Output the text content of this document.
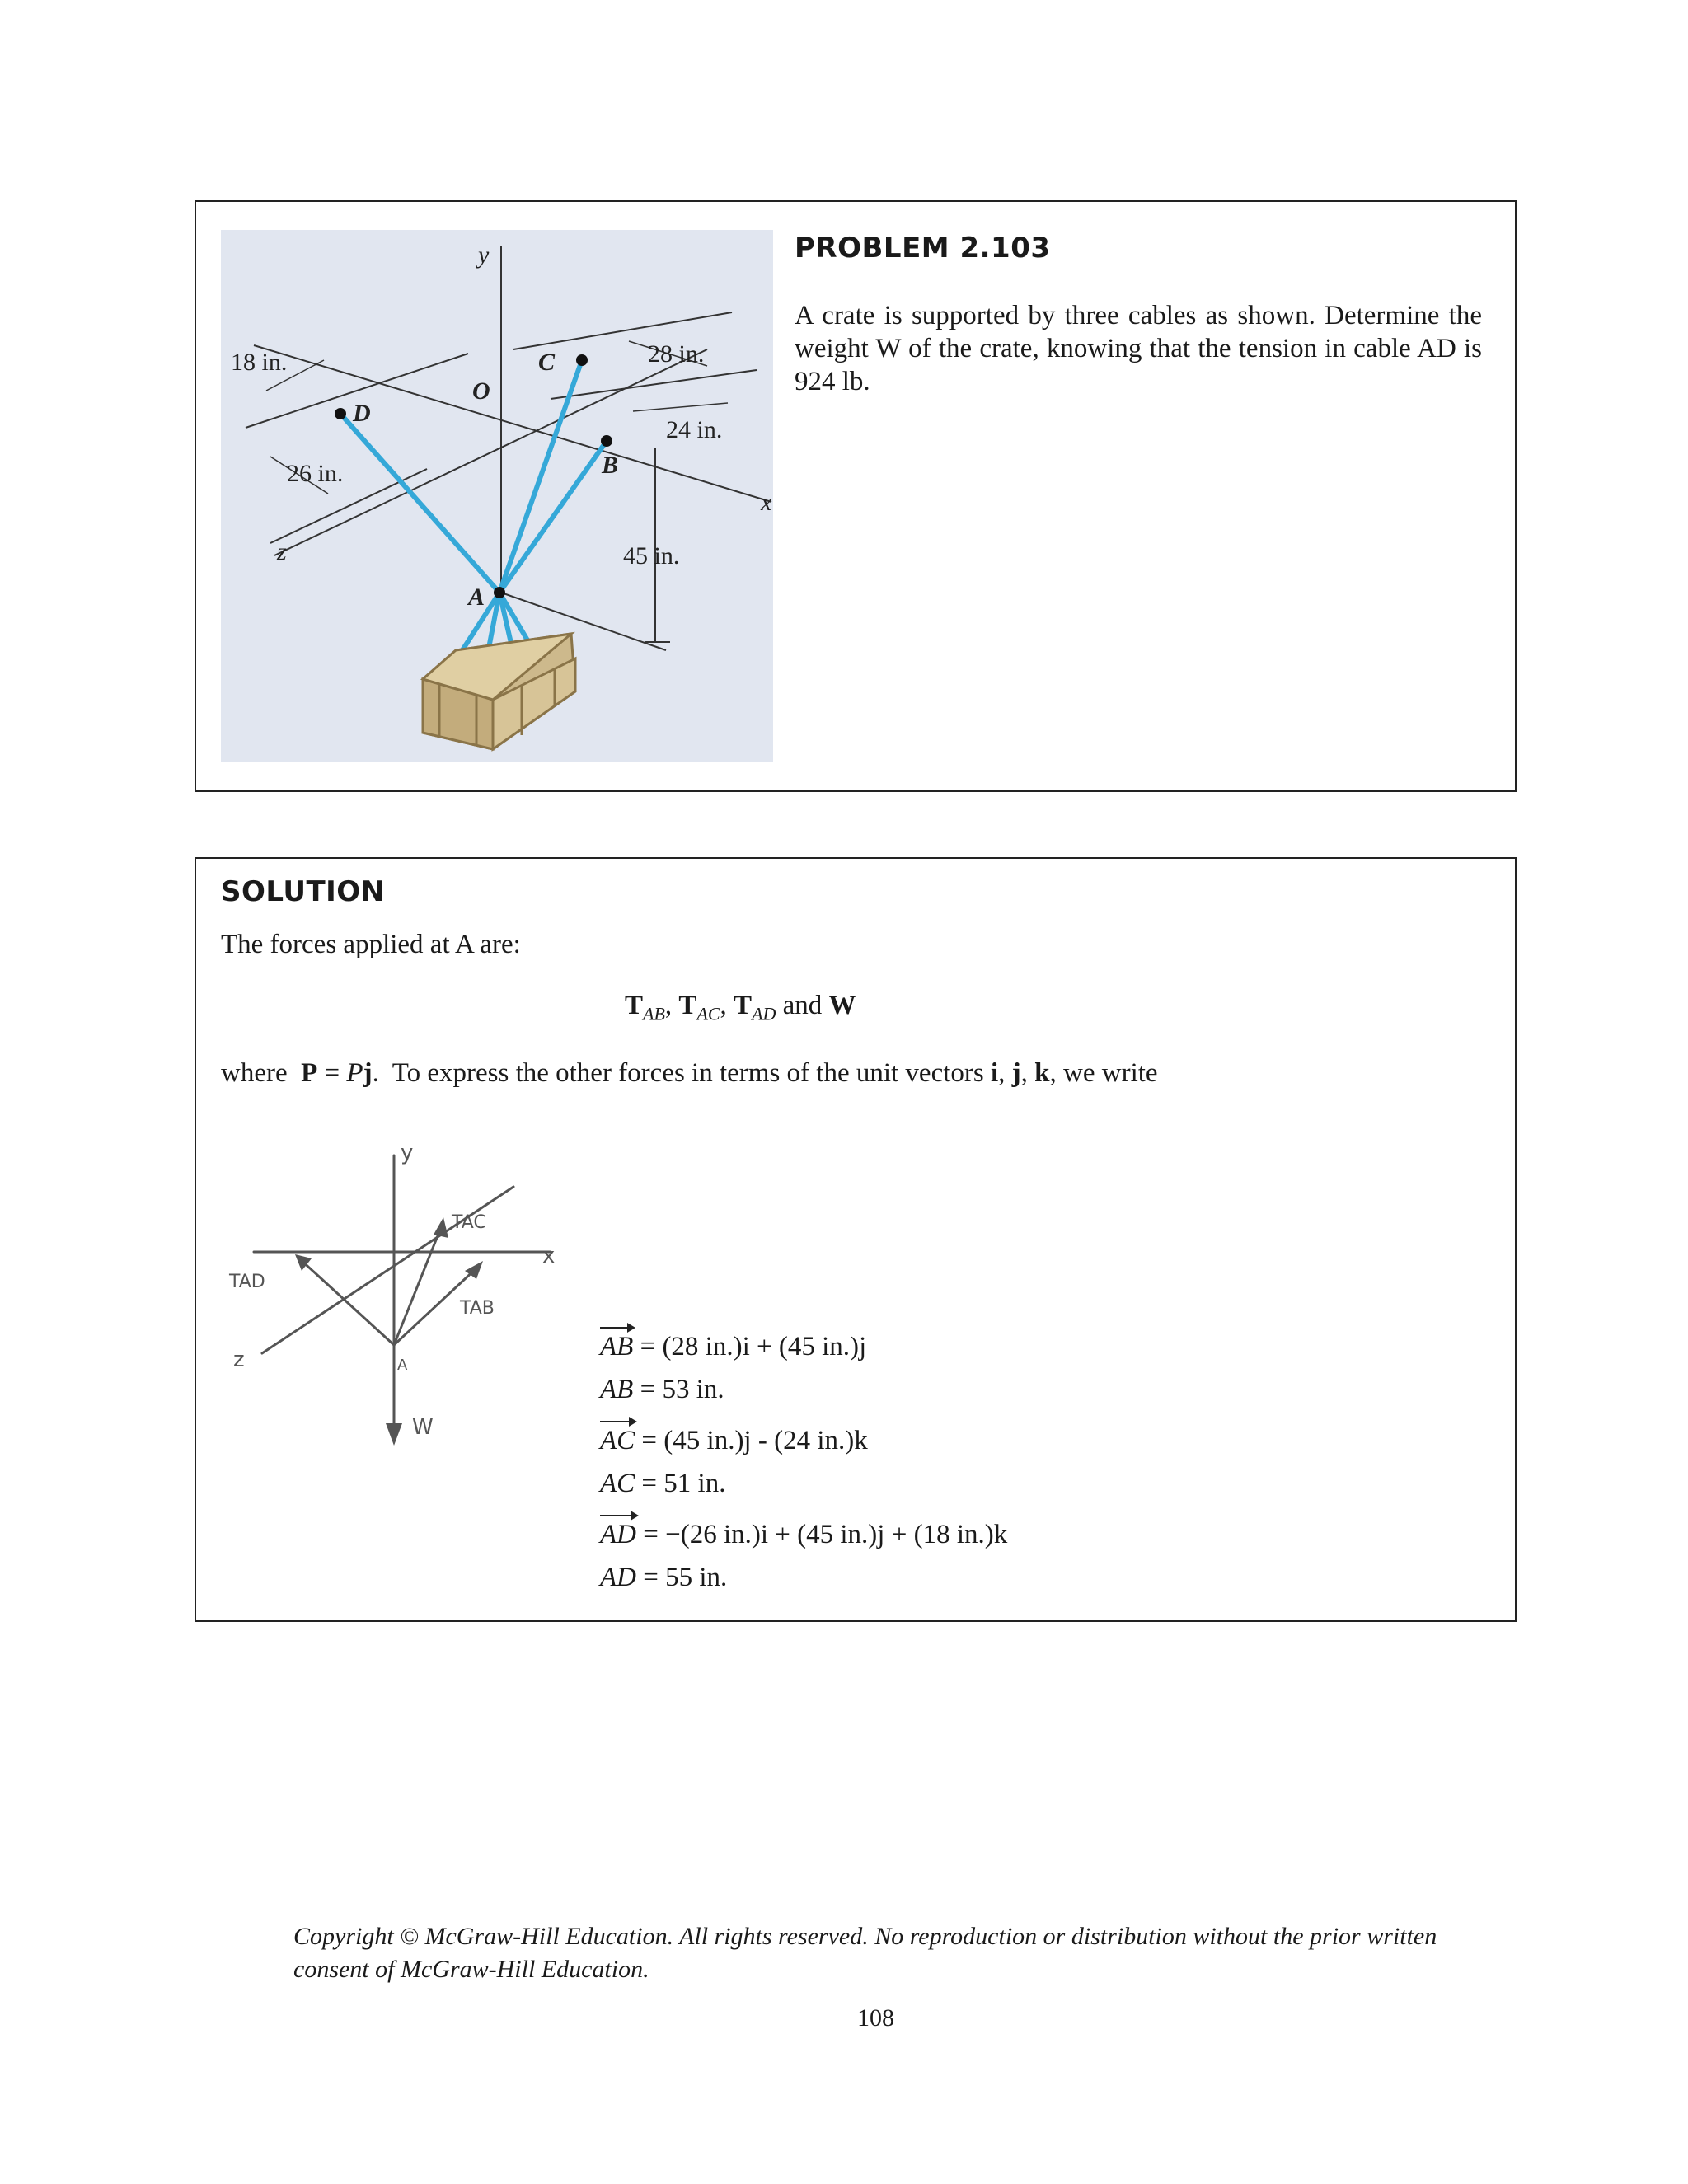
y
z
x
O
A
B
C
D
18 in.
26 in.
28 in.
24 in.
45 in.
PROBLEM 2.103
A crate is supported by three cables as shown. Determine the weight W of the crate, knowing that the tension in cable AD is 924 lb.
SOLUTION
The forces applied at A are:
$T_{AB}$, $T_{AC}$, $T_{AD}$ and W
where  P = Pj.  To express the other forces in terms of the unit vectors i, j, k, we write
y
x
z	A
W
TAC
TAD
TAB
AB = (28 in.)i + (45 in.)j
AB = 53 in.
AC = (45 in.)j - (24 in.)k
AC = 51 in.
AD = −(26 in.)i + (45 in.)j + (18 in.)k
AD = 55 in.
Copyright © McGraw-Hill Education. All rights reserved. No reproduction or distribution without the prior written consent of McGraw-Hill Education.
108
